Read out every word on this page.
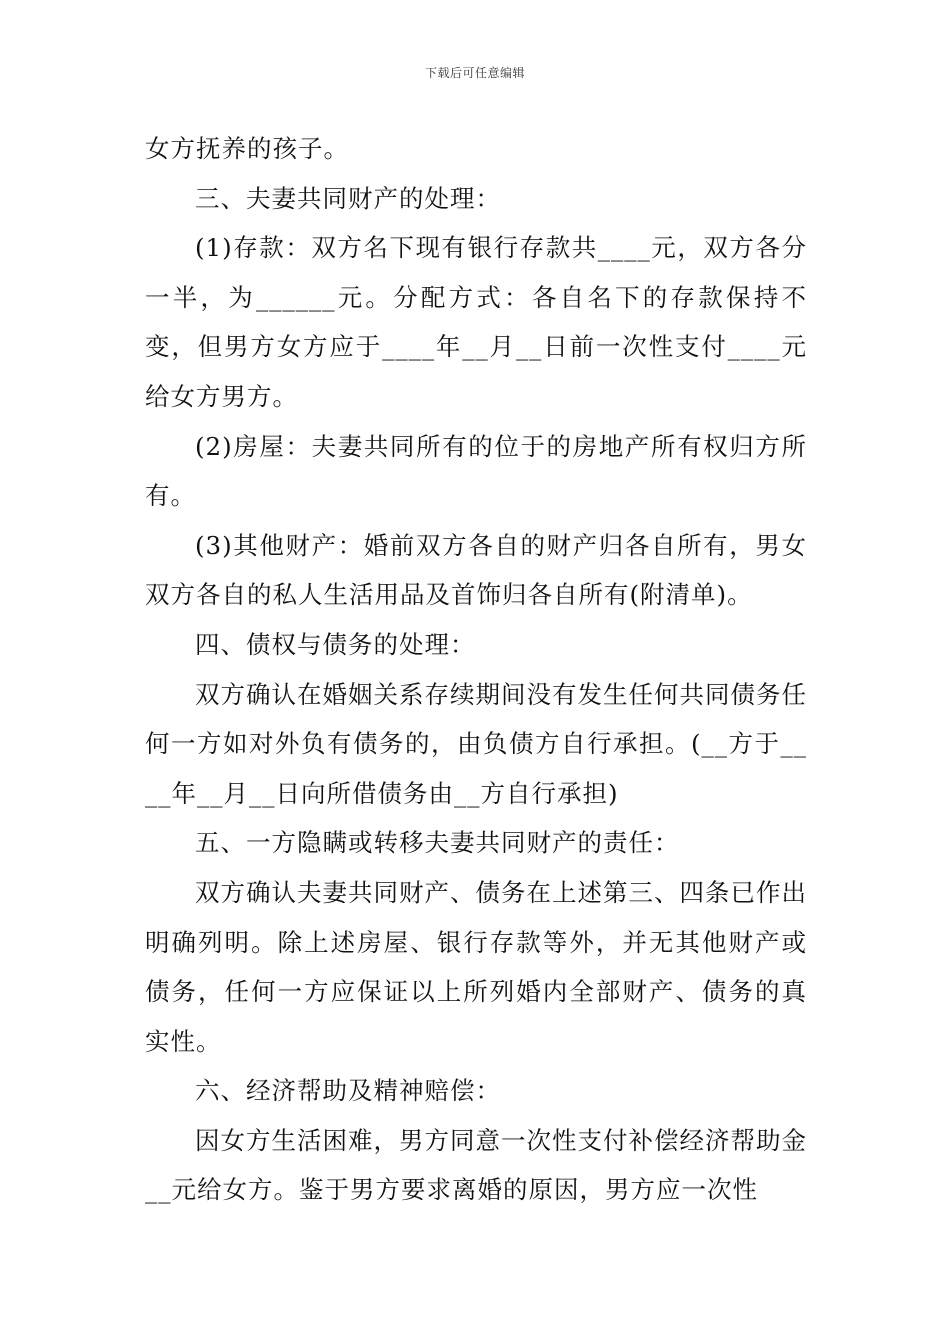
下载后可任意编辑

女方抚养的孩子。

三、夫妻共同财产的处理：

(1)存款：双方名下现有银行存款共____元，双方各分一半，为______元。分配方式：各自名下的存款保持不变，但男方女方应于____年__月__日前一次性支付____元给女方男方。

(2)房屋：夫妻共同所有的位于的房地产所有权归方所有。

(3)其他财产：婚前双方各自的财产归各自所有，男女双方各自的私人生活用品及首饰归各自所有(附清单)。

四、债权与债务的处理：

双方确认在婚姻关系存续期间没有发生任何共同债务任何一方如对外负有债务的，由负债方自行承担。(__方于____年__月__日向所借债务由__方自行承担)

五、一方隐瞒或转移夫妻共同财产的责任：

双方确认夫妻共同财产、债务在上述第三、四条已作出明确列明。除上述房屋、银行存款等外，并无其他财产或债务，任何一方应保证以上所列婚内全部财产、债务的真实性。

六、经济帮助及精神赔偿：

因女方生活困难，男方同意一次性支付补偿经济帮助金__元给女方。鉴于男方要求离婚的原因，男方应一次性
